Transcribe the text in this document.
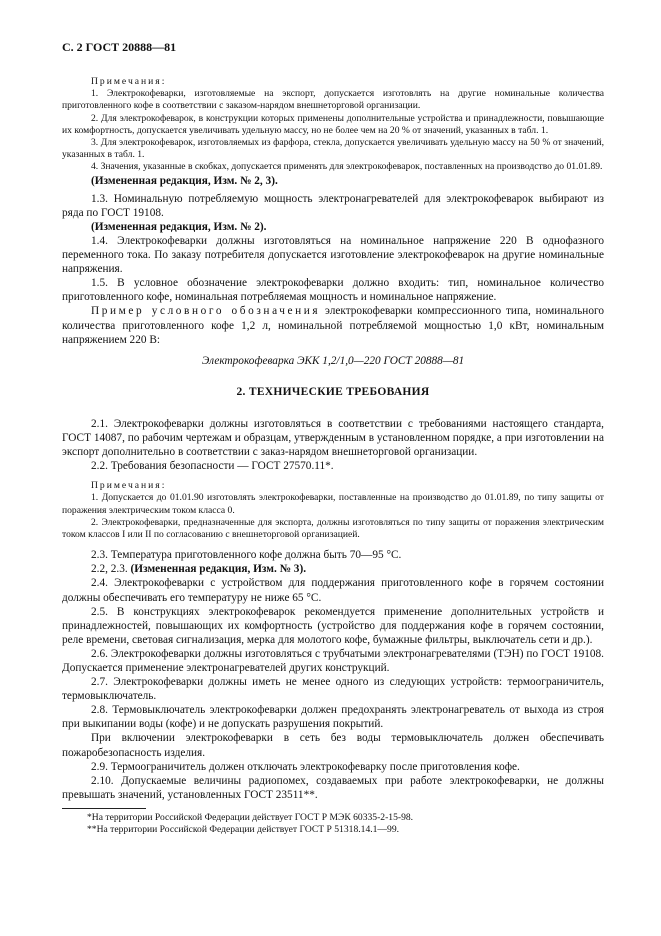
С. 2 ГОСТ 20888—81

Примечания:

1. Электрокофеварки, изготовляемые на экспорт, допускается изготовлять на другие номинальные количества приготовленного кофе в соответствии с заказом-нарядом внешнеторговой организации.

2. Для электрокофеварок, в конструкции которых применены дополнительные устройства и принадлежности, повышающие их комфортность, допускается увеличивать удельную массу, но не более чем на 20 % от значений, указанных в табл. 1.

3. Для электрокофеварок, изготовляемых из фарфора, стекла, допускается увеличивать удельную массу на 50 % от значений, указанных в табл. 1.

4. Значения, указанные в скобках, допускается применять для электрокофеварок, поставленных на производство до 01.01.89.

(Измененная редакция, Изм. № 2, 3).

1.3. Номинальную потребляемую мощность электронагревателей для электрокофеварок выбирают из ряда по ГОСТ 19108.

(Измененная редакция, Изм. № 2).

1.4. Электрокофеварки должны изготовляться на номинальное напряжение 220 В однофазного переменного тока. По заказу потребителя допускается изготовление электрокофеварок на другие номинальные напряжения.

1.5. В условное обозначение электрокофеварки должно входить: тип, номинальное количество приготовленного кофе, номинальная потребляемая мощность и номинальное напряжение.

Пример условного обозначения электрокофеварки компрессионного типа, номинального количества приготовленного кофе 1,2 л, номинальной потребляемой мощностью 1,0 кВт, номинальным напряжением 220 В:

Электрокофеварка ЭКК 1,2/1,0—220 ГОСТ 20888—81
2. ТЕХНИЧЕСКИЕ ТРЕБОВАНИЯ

2.1. Электрокофеварки должны изготовляться в соответствии с требованиями настоящего стандарта, ГОСТ 14087, по рабочим чертежам и образцам, утвержденным в установленном порядке, а при изготовлении на экспорт дополнительно в соответствии с заказ-нарядом внешнеторговой организации.

2.2. Требования безопасности — ГОСТ 27570.11*.

Примечания:

1. Допускается до 01.01.90 изготовлять электрокофеварки, поставленные на производство до 01.01.89, по типу защиты от поражения электрическим током класса 0.

2. Электрокофеварки, предназначенные для экспорта, должны изготовляться по типу защиты от поражения электрическим током классов I или II по согласованию с внешнеторговой организацией.

2.3. Температура приготовленного кофе должна быть 70—95 °С.

2.2, 2.3. (Измененная редакция, Изм. № 3).

2.4. Электрокофеварки с устройством для поддержания приготовленного кофе в горячем состоянии должны обеспечивать его температуру не ниже 65 °С.

2.5. В конструкциях электрокофеварок рекомендуется применение дополнительных устройств и принадлежностей, повышающих их комфортность (устройство для поддержания кофе в горячем состоянии, реле времени, световая сигнализация, мерка для молотого кофе, бумажные фильтры, выключатель сети и др.).

2.6. Электрокофеварки должны изготовляться с трубчатыми электронагревателями (ТЭН) по ГОСТ 19108. Допускается применение электронагревателей других конструкций.

2.7. Электрокофеварки должны иметь не менее одного из следующих устройств: термоограничитель, термовыключатель.

2.8. Термовыключатель электрокофеварки должен предохранять электронагреватель от выхода из строя при выкипании воды (кофе) и не допускать разрушения покрытий.

При включении электрокофеварки в сеть без воды термовыключатель должен обеспечивать пожаробезопасность изделия.

2.9. Термоограничитель должен отключать электрокофеварку после приготовления кофе.

2.10. Допускаемые величины радиопомех, создаваемых при работе электрокофеварки, не должны превышать значений, установленных ГОСТ 23511**.

*На территории Российской Федерации действует ГОСТ Р МЭК 60335-2-15-98.

**На территории Российской Федерации действует ГОСТ Р 51318.14.1—99.
